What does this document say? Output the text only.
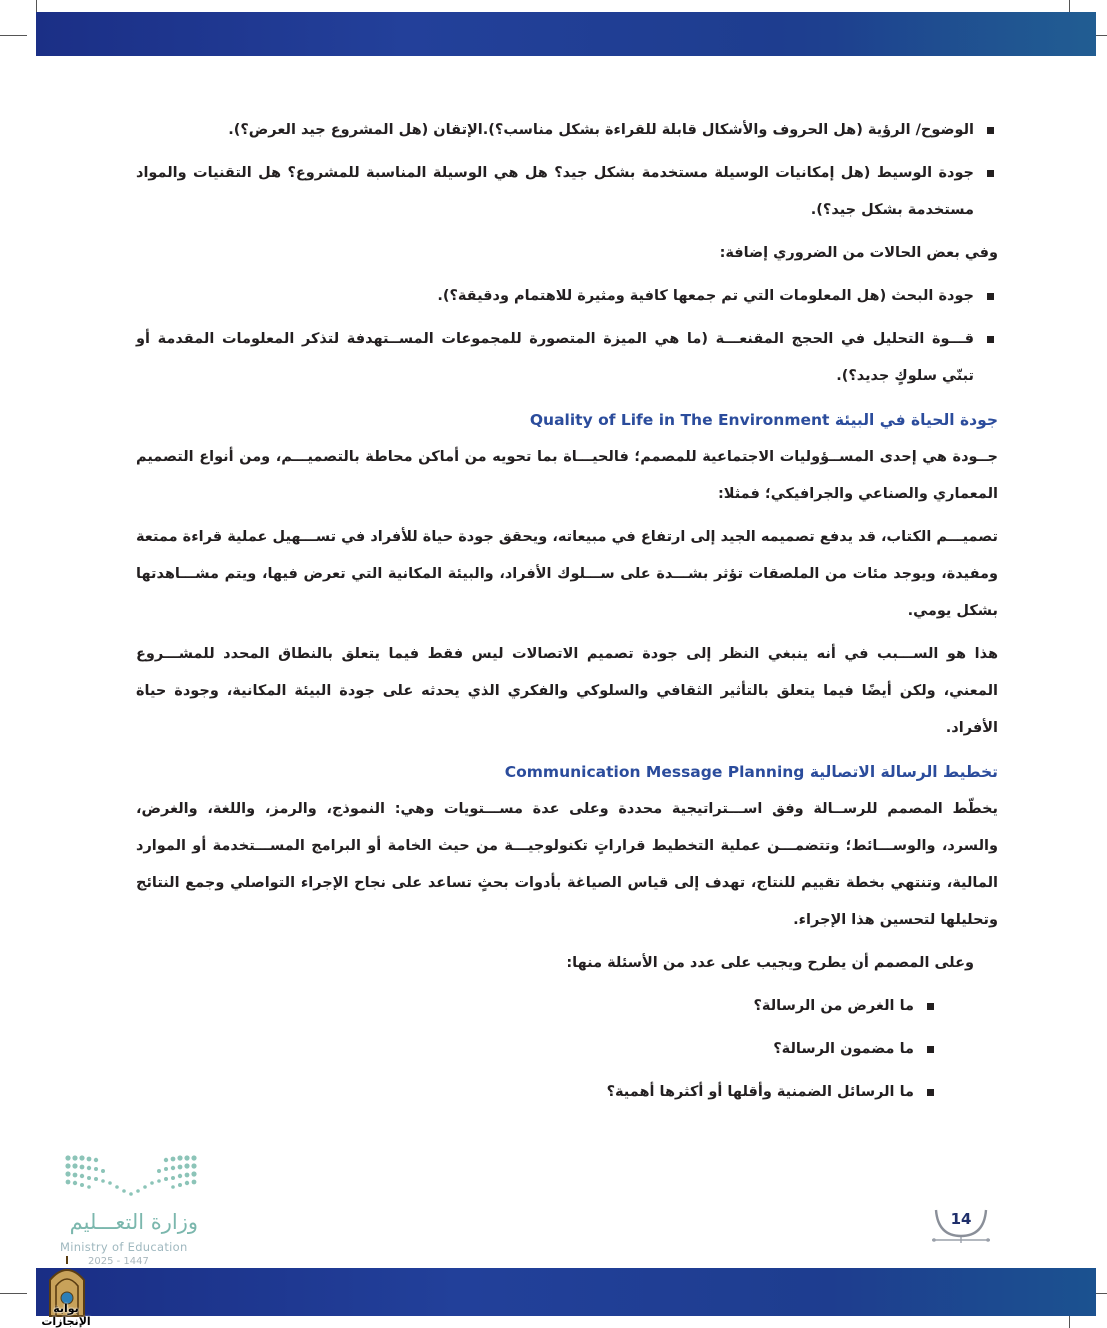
الوضوح/ الرؤية (هل الحروف والأشكال قابلة للقراءة بشكل مناسب؟).الإتقان (هل المشروع جيد العرض؟).
جودة الوسيط (هل إمكانيات الوسيلة مستخدمة بشكل جيد؟ هل هي الوسيلة المناسبة للمشروع؟ هل التقنيات والمواد مستخدمة بشكل جيد؟).

وفي بعض الحالات من الضروري إضافة:

جودة البحث (هل المعلومات التي تم جمعها كافية ومثيرة للاهتمام ودقيقة؟).
قـــوة التحليل في الحجج المقنعـــة (ما هي الميزة المتصورة للمجموعات المســتهدفة لتذكر المعلومات المقدمة أو تبنّي سلوكٍ جديد؟).
جودة الحياة في البيئة Quality of Life in The Environment

جــودة هي إحدى المســؤوليات الاجتماعية للمصمم؛ فالحيـــاة بما تحويه من أماكن محاطة بالتصميـــم، ومن أنواع التصميم المعماري والصناعي والجرافيكي؛ فمثلا:

تصميـــم الكتاب، قد يدفع تصميمه الجيد إلى ارتفاع في مبيعاته، ويحقق جودة حياة للأفراد في تســـهيل عملية قراءة ممتعة ومفيدة، ويوجد مئات من الملصقات تؤثر بشـــدة على ســـلوك الأفراد، والبيئة المكانية التي تعرض فيها، ويتم مشـــاهدتها بشكل يومي.

هذا هو الســـبب في أنه ينبغي النظر إلى جودة تصميم الاتصالات ليس فقط فيما يتعلق بالنطاق المحدد للمشـــروع المعني، ولكن أيضًا فيما يتعلق بالتأثير الثقافي والسلوكي والفكري الذي يحدثه على جودة البيئة المكانية، وجودة حياة الأفراد.

تخطيط الرسالة الاتصالية Communication Message Planning

يخطّط المصمم للرســالة وفق اســـتراتيجية محددة وعلى عدة مســـتويات وهي: النموذج، والرمز، واللغة، والغرض، والسرد، والوســـائط؛ وتتضمـــن عملية التخطيط قراراتٍ تكنولوجيـــة من حيث الخامة أو البرامج المســـتخدمة أو الموارد المالية، وتنتهي بخطة تقييم للنتاج، تهدف إلى قياس الصياغة بأدوات بحثٍ تساعد على نجاح الإجراء التواصلي وجمع النتائج وتحليلها لتحسين هذا الإجراء.

وعلى المصمم أن يطرح ويجيب على عدد من الأسئلة منها:

ما الغرض من الرسالة؟
ما مضمون الرسالة؟
ما الرسائل الضمنية وأقلها أو أكثرها أهمية؟
وزارة التعـــليم
Ministry of Education
2025 - 1447
بوابة الإنجازات
14
